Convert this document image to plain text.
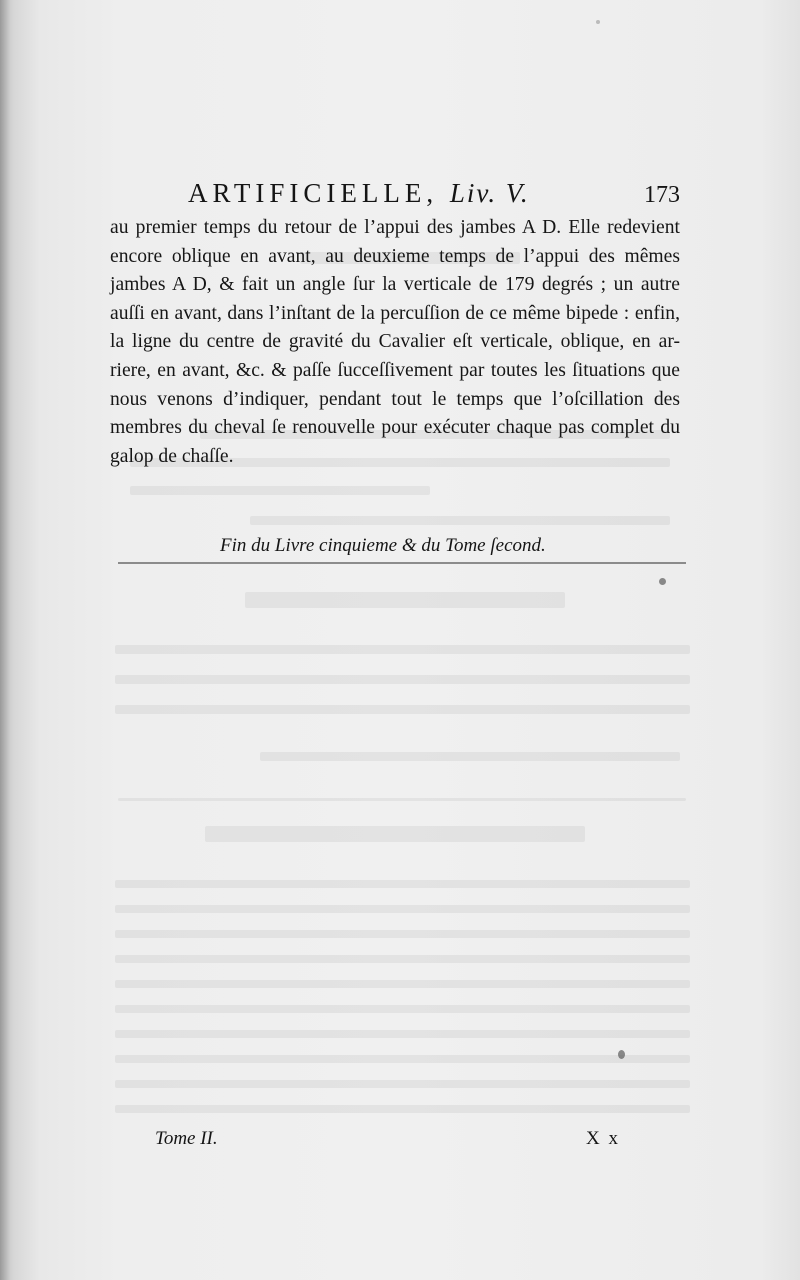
ARTIFICIELLE, Liv. V.	173
au premier temps du retour de l’appui des jambes A D. Elle redevient
encore oblique en avant, au deuxieme temps de l’appui des mêmes
jambes A D, & fait un angle ſur la verticale de 179 degrés ; un autre
auſſi en avant, dans l’inſtant de la percuſſion de ce même bipede : enfin,
la ligne du centre de gravité du Cavalier eſt verticale, oblique, en ar-
riere, en avant, &c. & paſſe ſucceſſivement par toutes les ſituations que
nous venons d’indiquer, pendant tout le temps que l’oſcillation des
membres du cheval ſe renouvelle pour exécuter chaque pas complet du
galop de chaſſe.
Fin du Livre cinquieme & du Tome ſecond.
Tome II.	X x
